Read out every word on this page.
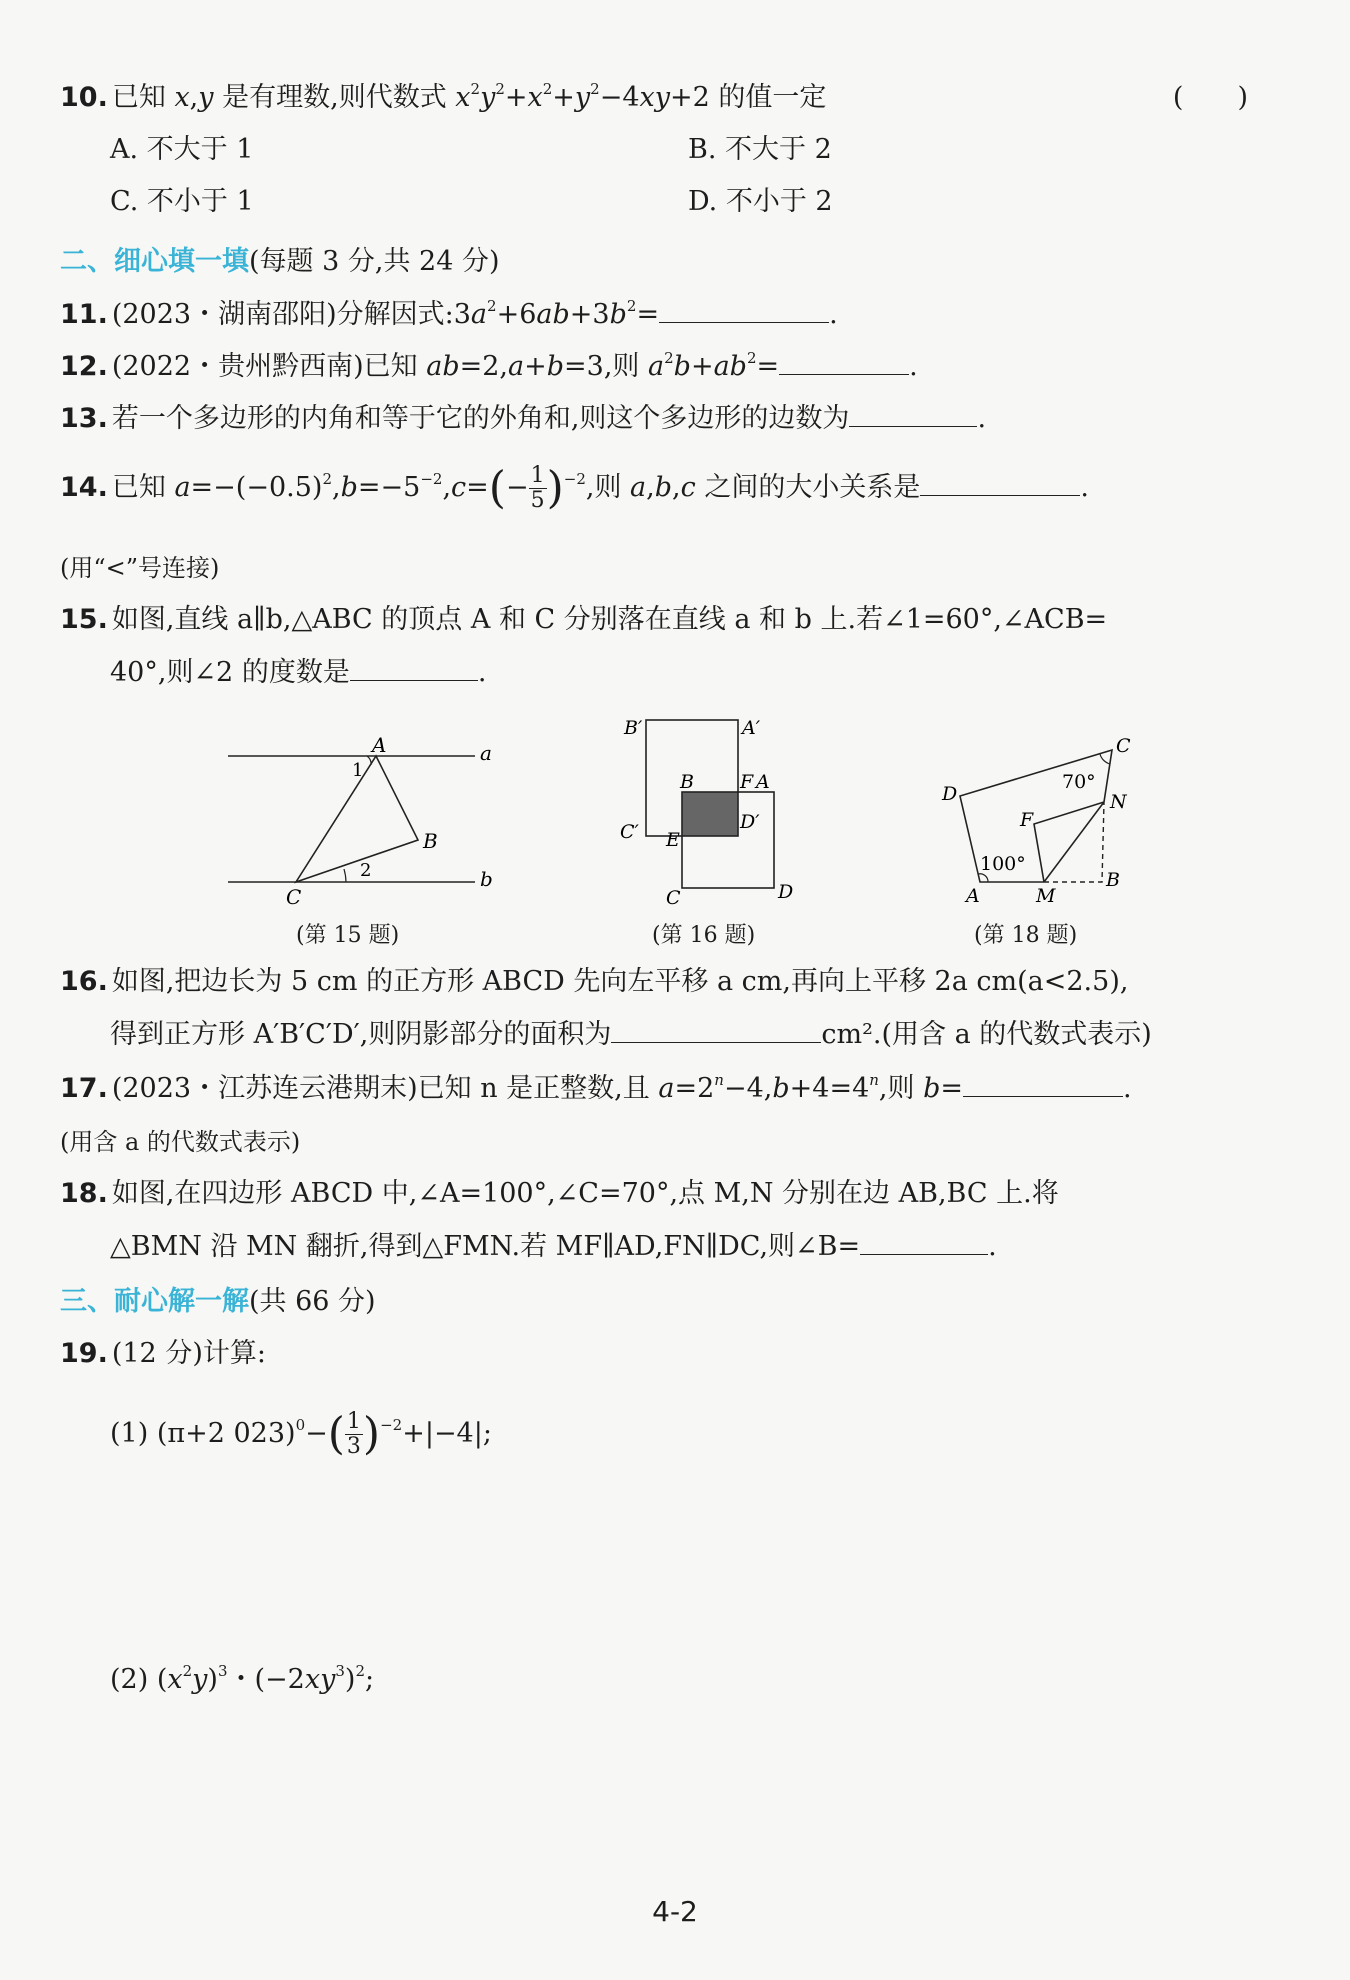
10. 已知 x,y 是有理数,则代数式 $x^2y^2+x^2+y^2-4xy+2$ 的值一定	(　　)
A. 不大于 1	B. 不大于 2
C. 不小于 1	D. 不小于 2
二、细心填一填(每题 3 分,共 24 分)
11. (2023・湖南邵阳)分解因式$:3a^2+6ab+3b^2=$	.
12. (2022・贵州黔西南)已知 ab=2,a+b=3,则 $a^2b+ab^2=$	.
13. 若一个多边形的内角和等于它的外角和,则这个多边形的边数为	.
14. 已知 $a=-(-0.5)^2,b=-5^{-2},c=(- \frac{1}{5} )^{-2}$,则 a,b,c 之间的大小关系是	.
(用“<”号连接)
15. 如图,直线 a∥b,△ABC 的顶点 A 和 C 分别落在直线 a 和 b 上.若∠1=60°,∠ACB=
40°,则∠2 的度数是	.
A
B
C
a
b
1
2
(第 15 题)
B′	A′
C′	D′
B	A
F
E
C	D
(第 16 题)
C
D
A	M
B
N
F
70°
100°
(第 18 题)
16. 如图,把边长为 5 cm 的正方形 ABCD 先向左平移 a cm,再向上平移 2a cm(a<2.5),
得到正方形 A′B′C′D′,则阴影部分的面积为	cm².(用含 a 的代数式表示)
17. (2023・江苏连云港期末)已知 n 是正整数,且 $a=2^n-4,b+4=4^n$,则 b=	.
(用含 a 的代数式表示)
18. 如图,在四边形 ABCD 中,∠A=100°,∠C=70°,点 M,N 分别在边 AB,BC 上.将
△BMN 沿 MN 翻折,得到△FMN.若 MF∥AD,FN∥DC,则∠B=	.
三、耐心解一解(共 66 分)
19. (12 分)计算:
(1) (π+2 $023)^0-( \frac{1}{3} )^{-2}+|-4|$;
(2) $(x^2y)^3$・$(-2xy^3)^2$;
4-2
